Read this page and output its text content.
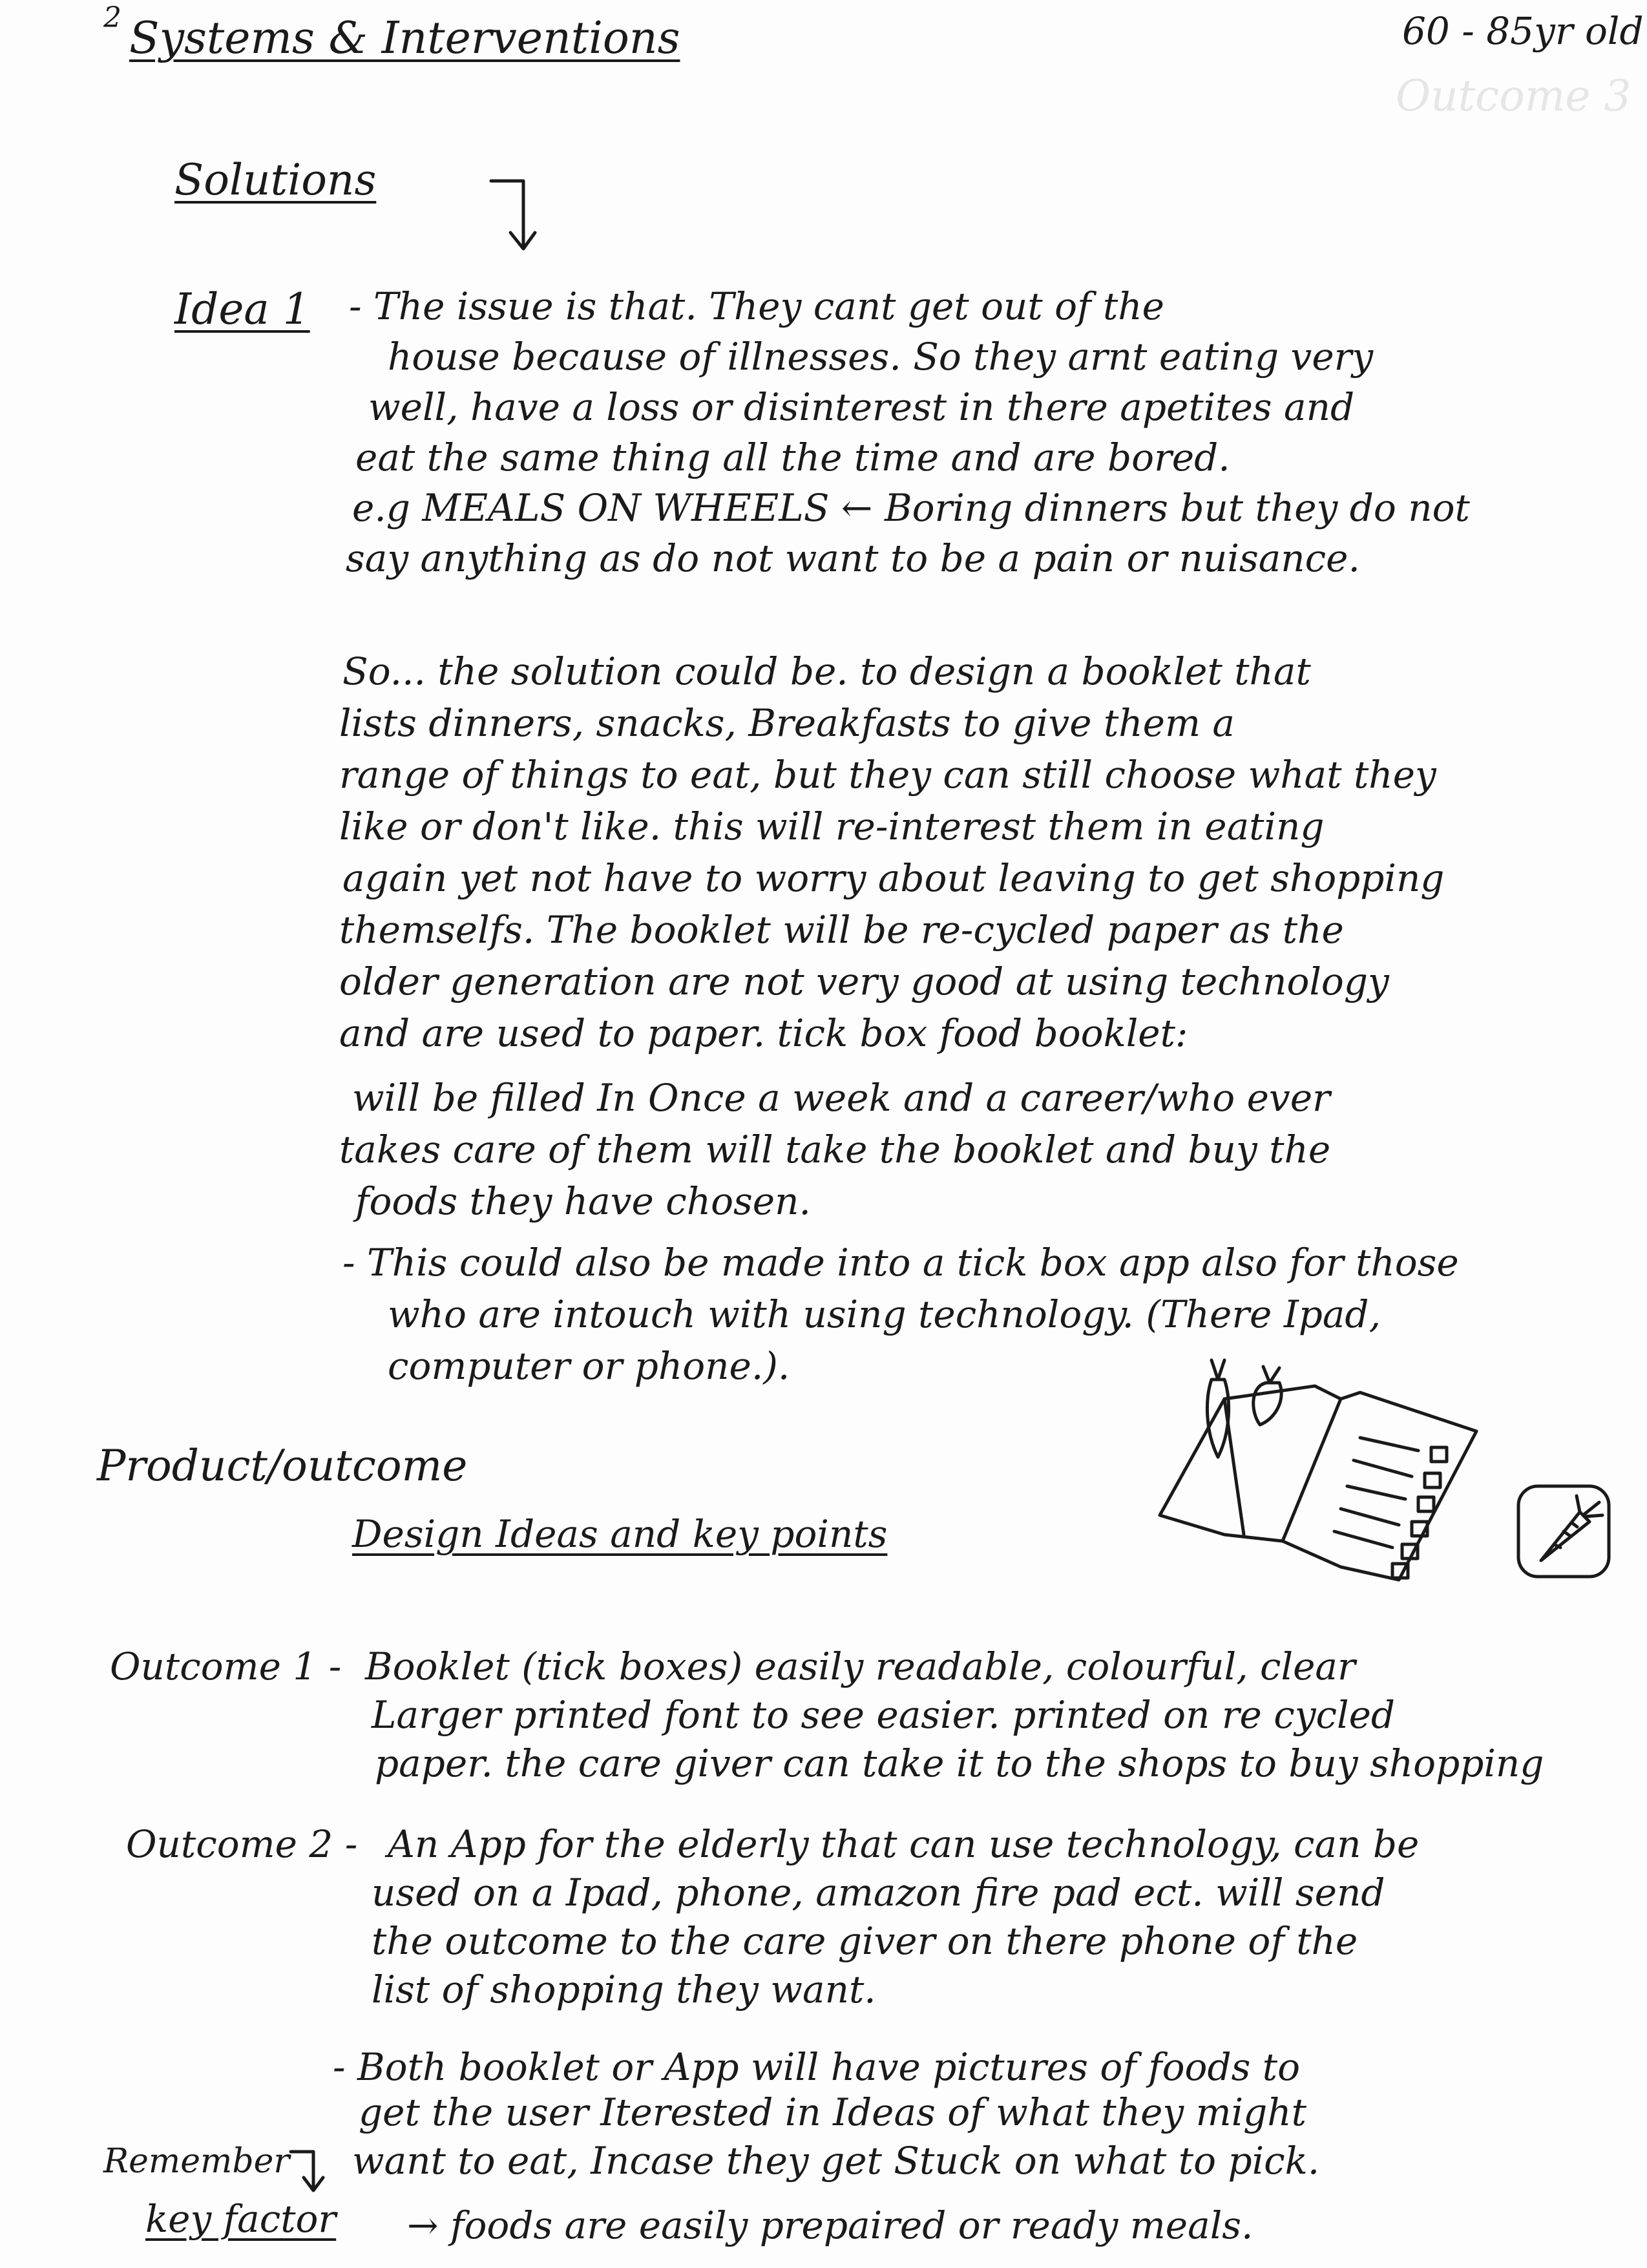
2 Systems & Interventions	60 - 85yr old
Outcome 3
Solutions
Idea 1 - The issue is that. They cant get out of the
house because of illnesses. So they arnt eating very
well, have a loss or disinterest in there apetites and
eat the same thing all the time and are bored.
e.g MEALS ON WHEELS ← Boring dinners but they do not
say anything as do not want to be a pain or nuisance.
So... the solution could be. to design a booklet that
lists dinners, snacks, Breakfasts to give them a
range of things to eat, but they can still choose what they
like or don't like. this will re-interest them in eating
again yet not have to worry about leaving to get shopping
themselfs. The booklet will be re-cycled paper as the
older generation are not very good at using technology
and are used to paper. tick box food booklet:
will be filled In Once a week and a career/who ever
takes care of them will take the booklet and buy the
foods they have chosen.
- This could also be made into a tick box app also for those
who are intouch with using technology. (There Ipad,
computer or phone.).
Product/outcome
Design Ideas and key points
Outcome 1 - Booklet (tick boxes) easily readable, colourful, clear
Larger printed font to see easier. printed on re cycled
paper. the care giver can take it to the shops to buy shopping
Outcome 2 - An App for the elderly that can use technology, can be
used on a Ipad, phone, amazon fire pad ect. will send
the outcome to the care giver on there phone of the
list of shopping they want.
- Both booklet or App will have pictures of foods to
get the user Iterested in Ideas of what they might
want to eat, Incase they get Stuck on what to pick.
Remember
key factor → foods are easily prepaired or ready meals.
